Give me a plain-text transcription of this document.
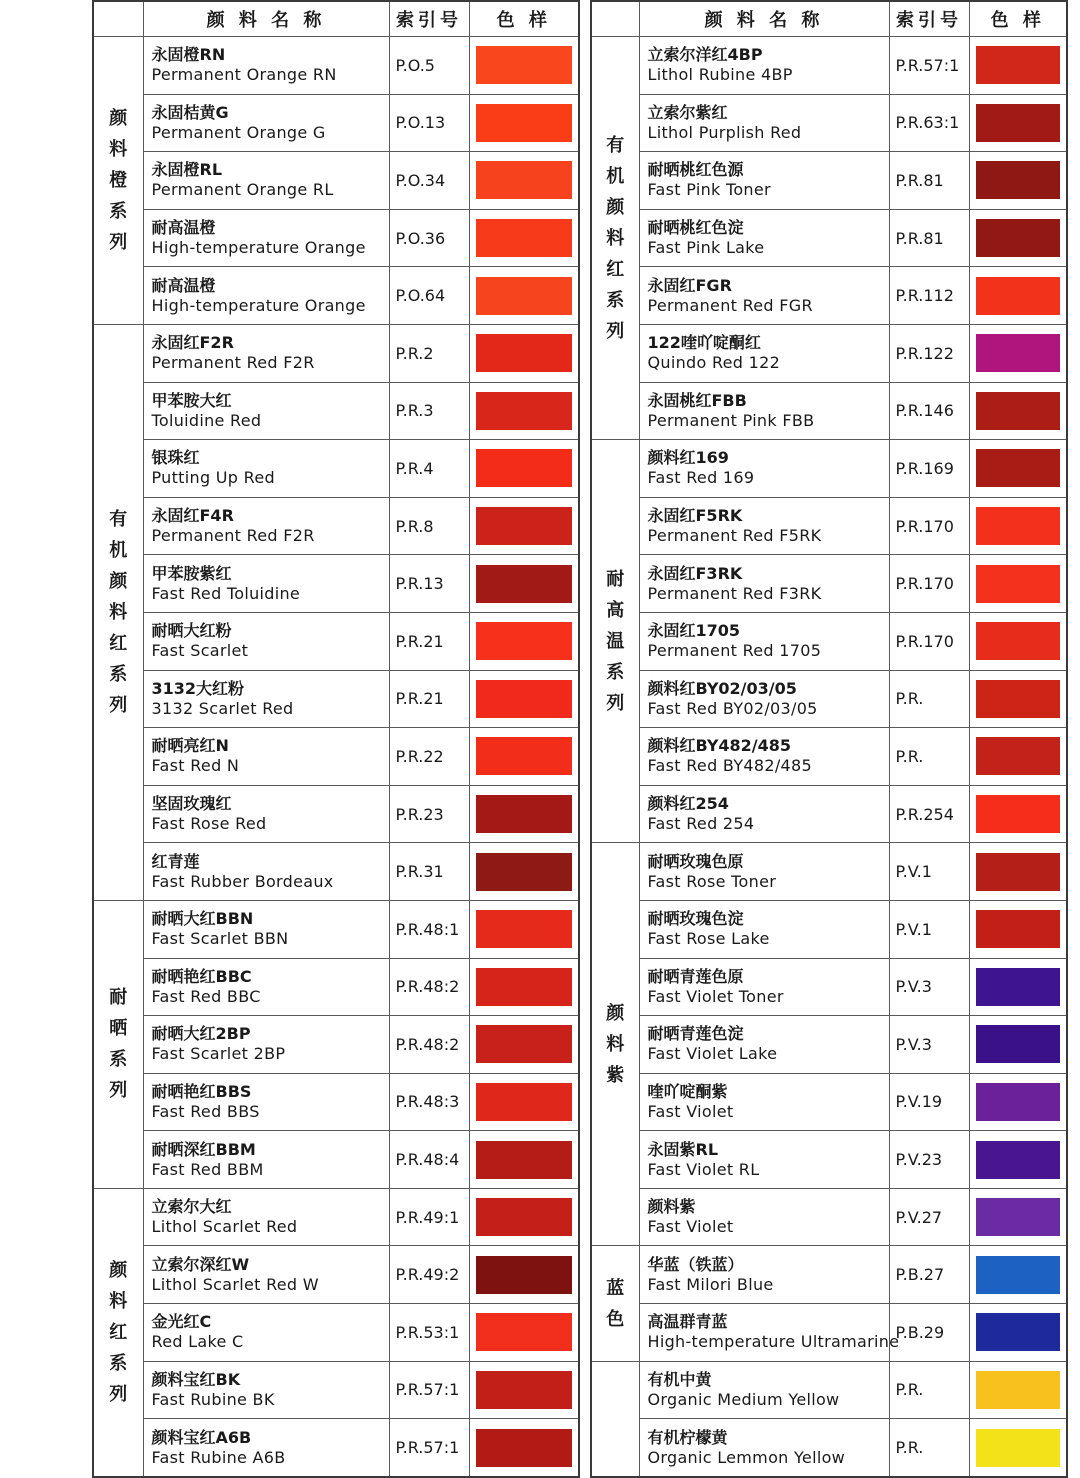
	颜 料 名 称	索引号	色 样

颜料橙系列	永固橙RN
Permanent Orange RN	P.O.5	

	永固桔黄G
Permanent Orange G	P.O.13	

	永固橙RL
Permanent Orange RL	P.O.34	

	耐高温橙
High-temperature Orange	P.O.36	

	耐高温橙
High-temperature Orange	P.O.64	

有机颜料红系列	永固红F2R
Permanent Red F2R	P.R.2	

	甲苯胺大红
Toluidine Red	P.R.3	

	银珠红
Putting Up Red	P.R.4	

	永固红F4R
Permanent Red F2R	P.R.8	

	甲苯胺紫红
Fast Red Toluidine	P.R.13	

	耐晒大红粉
Fast Scarlet	P.R.21	

	3132大红粉
3132 Scarlet Red	P.R.21	

	耐晒亮红N
Fast Red N	P.R.22	

	坚固玫瑰红
Fast Rose Red	P.R.23	

	红青莲
Fast Rubber Bordeaux	P.R.31	

耐晒系列	耐晒大红BBN
Fast Scarlet BBN	P.R.48:1	

	耐晒艳红BBC
Fast Red BBC	P.R.48:2	

	耐晒大红2BP
Fast Scarlet 2BP	P.R.48:2	

	耐晒艳红BBS
Fast Red BBS	P.R.48:3	

	耐晒深红BBM
Fast Red BBM	P.R.48:4	

颜料红系列	立索尔大红
Lithol Scarlet Red	P.R.49:1	

	立索尔深红W
Lithol Scarlet Red W	P.R.49:2	

	金光红C
Red Lake C	P.R.53:1	

	颜料宝红BK
Fast Rubine BK	P.R.57:1	

	颜料宝红A6B
Fast Rubine A6B	P.R.57:1	
	颜 料 名 称	索引号	色 样

有机颜料红系列	立索尔洋红4BP
Lithol Rubine 4BP	P.R.57:1	

	立索尔紫红
Lithol Purplish Red	P.R.63:1	

	耐晒桃红色源
Fast Pink Toner	P.R.81	

	耐晒桃红色淀
Fast Pink Lake	P.R.81	

	永固红FGR
Permanent Red FGR	P.R.112	

	122喹吖啶酮红
Quindo Red 122	P.R.122	

	永固桃红FBB
Permanent Pink FBB	P.R.146	

耐高温系列	颜料红169
Fast Red 169	P.R.169	

	永固红F5RK
Permanent Red F5RK	P.R.170	

	永固红F3RK
Permanent Red F3RK	P.R.170	

	永固红1705
Permanent Red 1705	P.R.170	

	颜料红BY02/03/05
Fast Red BY02/03/05	P.R.	

	颜料红BY482/485
Fast Red BY482/485	P.R.	

	颜料红254
Fast Red 254	P.R.254	

颜料紫	耐晒玫瑰色原
Fast Rose Toner	P.V.1	

	耐晒玫瑰色淀
Fast Rose Lake	P.V.1	

	耐晒青莲色原
Fast Violet Toner	P.V.3	

	耐晒青莲色淀
Fast Violet Lake	P.V.3	

	喹吖啶酮紫
Fast Violet	P.V.19	

	永固紫RL
Fast Violet RL	P.V.23	

	颜料紫
Fast Violet	P.V.27	

蓝色	华蓝（铁蓝）
Fast Milori Blue	P.B.27	

	高温群青蓝
High-temperature Ultramarine	P.B.29	

	有机中黄
Organic Medium Yellow	P.R.	

	有机柠檬黄
Organic Lemmon Yellow	P.R.	
